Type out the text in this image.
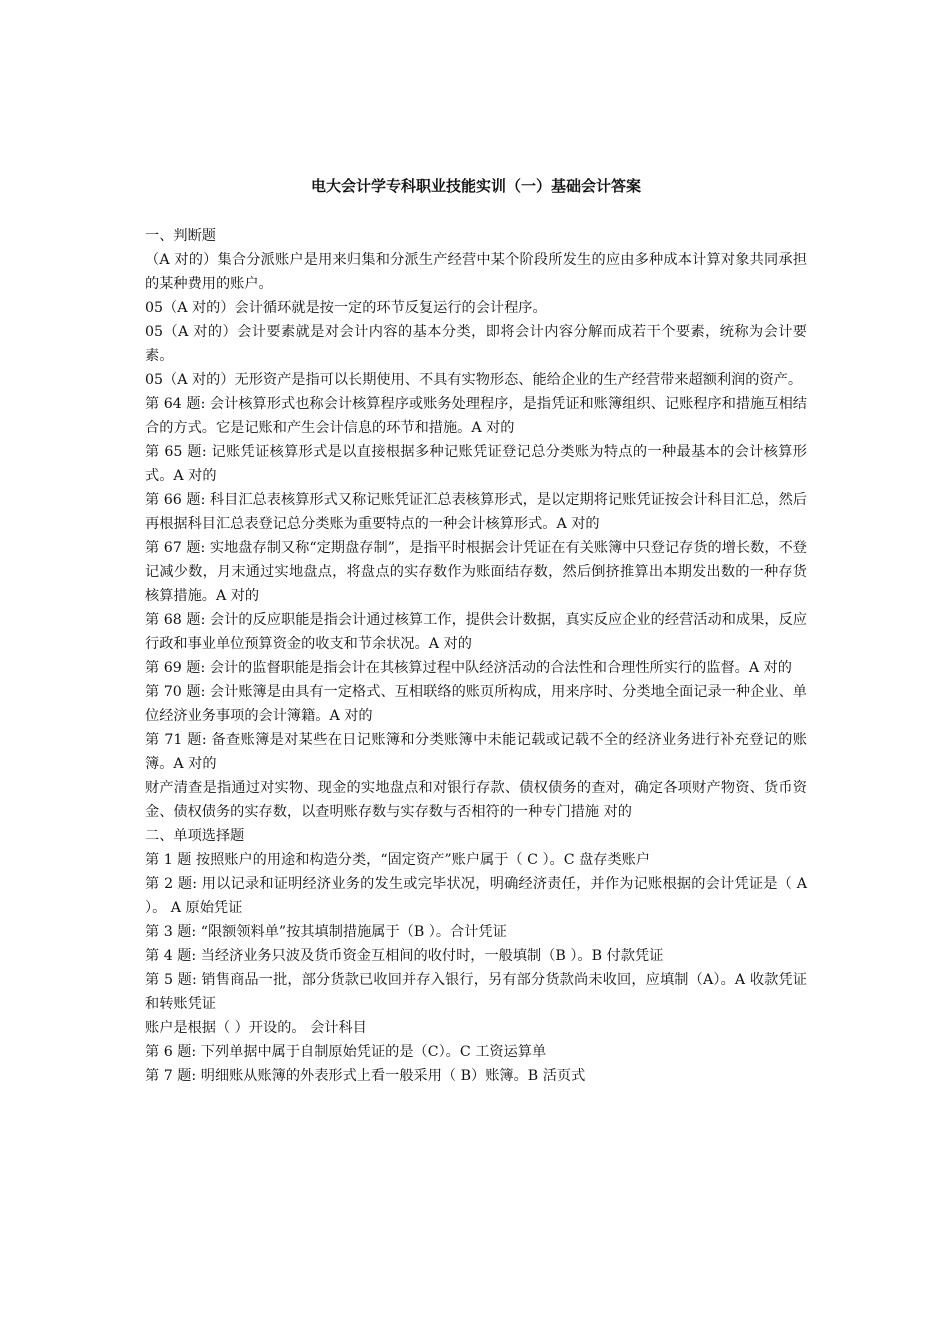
电大会计学专科职业技能实训（一）基础会计答案

一、判断题

（A 对的）集合分派账户是用来归集和分派生产经营中某个阶段所发生的应由多种成本计算对象共同承担的某种费用的账户。

05（A 对的）会计循环就是按一定的环节反复运行的会计程序。

05（A 对的）会计要素就是对会计内容的基本分类，即将会计内容分解而成若干个要素，统称为会计要素。

05（A 对的）无形资产是指可以长期使用、不具有实物形态、能给企业的生产经营带来超额利润的资产。

第 64 题: 会计核算形式也称会计核算程序或账务处理程序，是指凭证和账簿组织、记账程序和措施互相结合的方式。它是记账和产生会计信息的环节和措施。A 对的

第 65 题: 记账凭证核算形式是以直接根据多种记账凭证登记总分类账为特点的一种最基本的会计核算形式。A 对的

第 66 题: 科目汇总表核算形式又称记账凭证汇总表核算形式，是以定期将记账凭证按会计科目汇总，然后再根据科目汇总表登记总分类账为重要特点的一种会计核算形式。A 对的

第 67 题: 实地盘存制又称“定期盘存制”，是指平时根据会计凭证在有关账簿中只登记存货的增长数，不登记减少数，月末通过实地盘点，将盘点的实存数作为账面结存数，然后倒挤推算出本期发出数的一种存货核算措施。A 对的

第 68 题: 会计的反应职能是指会计通过核算工作，提供会计数据，真实反应企业的经营活动和成果，反应行政和事业单位预算资金的收支和节余状况。A 对的

第 69 题: 会计的监督职能是指会计在其核算过程中队经济活动的合法性和合理性所实行的监督。A 对的

第 70 题: 会计账簿是由具有一定格式、互相联络的账页所构成，用来序时、分类地全面记录一种企业、单位经济业务事项的会计簿籍。A 对的

第 71 题: 备查账簿是对某些在日记账簿和分类账簿中未能记载或记载不全的经济业务进行补充登记的账簿。A 对的

财产清查是指通过对实物、现金的实地盘点和对银行存款、债权债务的查对，确定各项财产物资、货币资金、债权债务的实存数，以查明账存数与实存数与否相符的一种专门措施 对的

二、单项选择题

第 1 题 按照账户的用途和构造分类，“固定资产”账户属于（ C ）。C 盘存类账户

第 2 题: 用以记录和证明经济业务的发生或完毕状况，明确经济责任，并作为记账根据的会计凭证是（ A ）。 A 原始凭证

第 3 题: “限额领料单”按其填制措施属于（B ）。合计凭证

第 4 题: 当经济业务只波及货币资金互相间的收付时，一般填制（B ）。B 付款凭证

第 5 题: 销售商品一批，部分货款已收回并存入银行，另有部分货款尚未收回，应填制（A）。A 收款凭证和转账凭证

账户是根据（ ）开设的。 会计科目

第 6 题: 下列单据中属于自制原始凭证的是（C）。C 工资运算单

第 7 题: 明细账从账簿的外表形式上看一般采用（ B）账簿。B 活页式
